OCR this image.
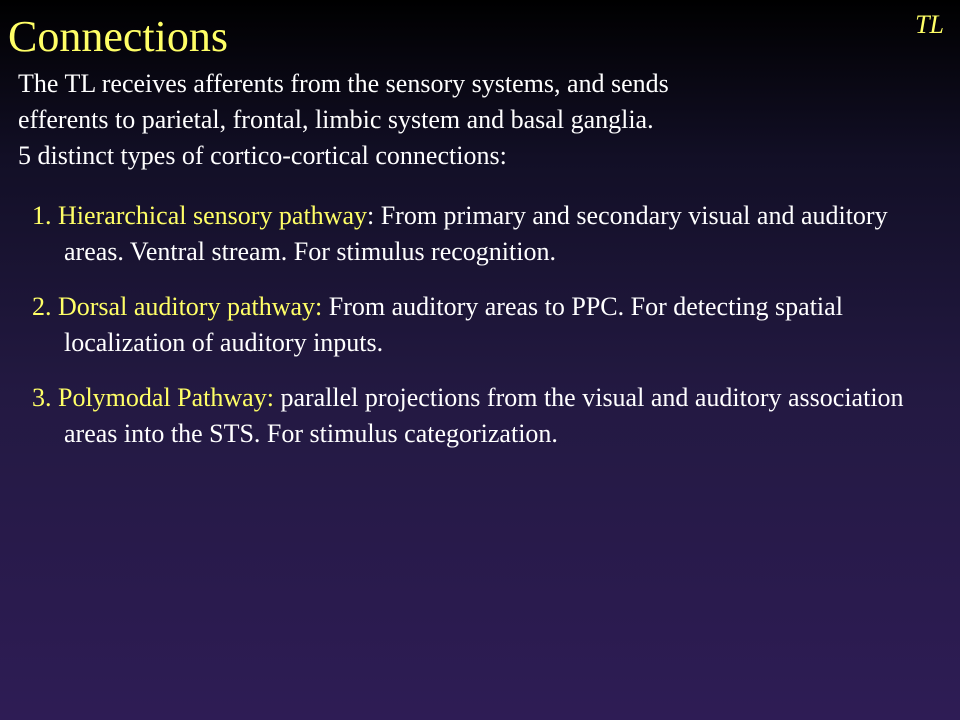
Connections	TL

The TL receives afferents from the sensory systems, and sends

efferents to parietal, frontal, limbic system and basal ganglia.

5 distinct types of cortico-cortical connections:

1. Hierarchical sensory pathway: From primary and secondary visual and auditory areas. Ventral stream. For stimulus recognition.
2. Dorsal auditory pathway: From auditory areas to PPC. For detecting spatial localization of auditory inputs.
3. Polymodal Pathway: parallel projections from the visual and auditory association areas into the STS. For stimulus categorization.
